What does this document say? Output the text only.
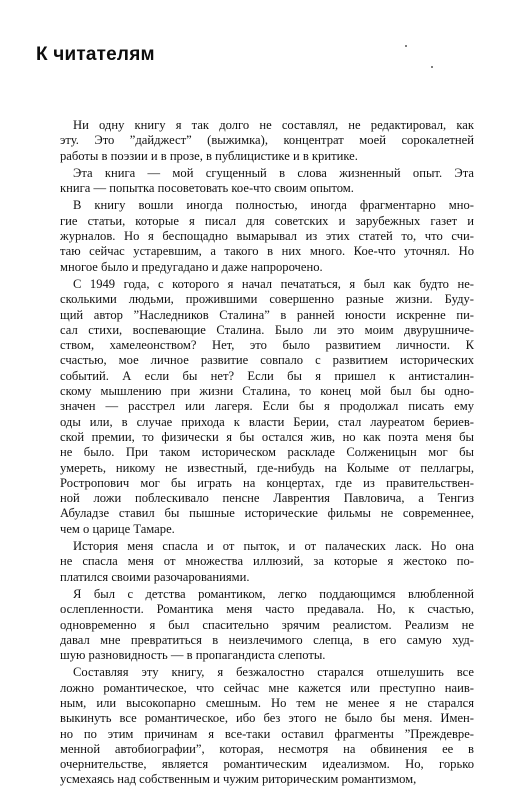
К читателям

Ни одну книгу я так долго не составлял, не редактировал, как
эту. Это ”дайджест” (выжимка), концентрат моей сорокалетней
работы в поэзии и в прозе, в публицистике и в критике.

Эта книга — мой сгущенный в слова жизненный опыт. Эта
книга — попытка посоветовать кое-что своим опытом.

В книгу вошли иногда полностью, иногда фрагментарно мно-
гие статьи, которые я писал для советских и зарубежных газет и
журналов. Но я беспощадно вымарывал из этих статей то, что счи-
таю сейчас устаревшим, а такого в них много. Кое-что уточнял. Но
многое было и предугадано и даже напророчено.

С 1949 года, с которого я начал печататься, я был как будто не-
сколькими людьми, прожившими совершенно разные жизни. Буду-
щий автор ”Наследников Сталина” в ранней юности искренне пи-
сал стихи, воспевающие Сталина. Было ли это моим двурушниче-
ством, хамелеонством? Нет, это было развитием личности. К
счастью, мое личное развитие совпало с развитием исторических
событий. А если бы нет? Если бы я пришел к антисталин-
скому мышлению при жизни Сталина, то конец мой был бы одно-
значен — расстрел или лагеря. Если бы я продолжал писать ему
оды или, в случае прихода к власти Берии, стал лауреатом бериев-
ской премии, то физически я бы остался жив, но как поэта меня бы
не было. При таком историческом раскладе Солженицын мог бы
умереть, никому не известный, где-нибудь на Колыме от пеллагры,
Ростропович мог бы играть на концертах, где из правительствен-
ной ложи поблескивало пенсне Лаврентия Павловича, а Тенгиз
Абуладзе ставил бы пышные исторические фильмы не современнее,
чем о царице Тамаре.

История меня спасла и от пыток, и от палаческих ласк. Но она
не спасла меня от множества иллюзий, за которые я жестоко по-
платился своими разочарованиями.

Я был с детства романтиком, легко поддающимся влюбленной
ослепленности. Романтика меня часто предавала. Но, к счастью,
одновременно я был спасительно зрячим реалистом. Реализм не
давал мне превратиться в неизлечимого слепца, в его самую худ-
шую разновидность — в пропагандиста слепоты.

Составляя эту книгу, я безжалостно старался отшелушить все
ложно романтическое, что сейчас мне кажется или преступно наив-
ным, или высокопарно смешным. Но тем не менее я не старался
выкинуть все романтическое, ибо без этого не было бы меня. Имен-
но по этим причинам я все-таки оставил фрагменты ”Преждевре-
менной автобиографии”, которая, несмотря на обвинения ее в
очернительстве, является романтическим идеализмом. Но, горько
усмехаясь над собственным и чужим риторическим романтизмом,
